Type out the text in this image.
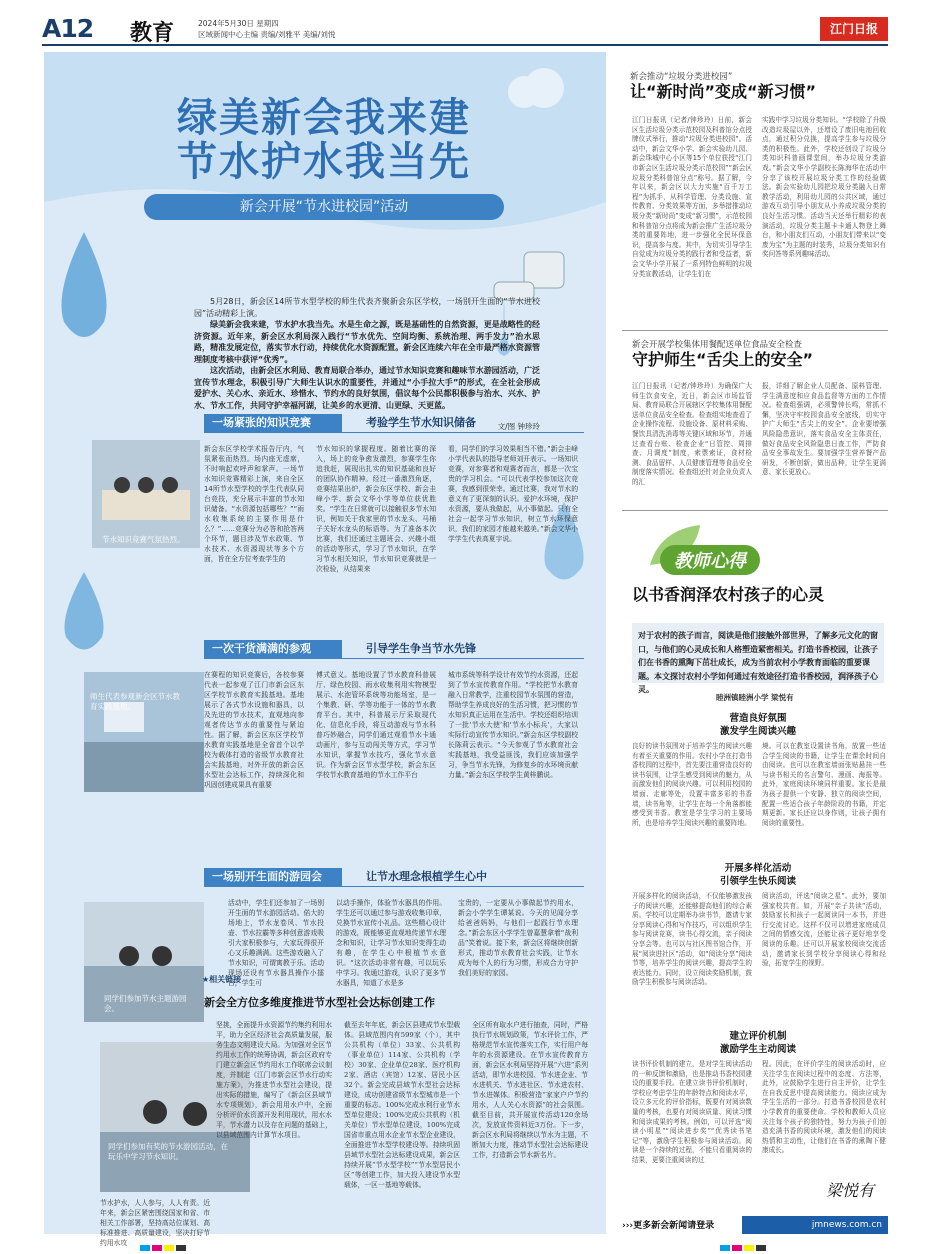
A12 教育	2024年5月30日 星期四
区域新闻中心主编 责编/刘雅平 美编/刘悦	江门日报
绿美新会我来建
节水护水我当先
新会开展“节水进校园”活动

5月28日，新会区14所节水型学校的师生代表齐聚新会东区学校，一场别开生面的“节水进校园”活动精彩上演。

绿美新会我来建，节水护水我当先。水是生命之源，既是基础性的自然资源，更是战略性的经济资源。近年来，新会区水利局深入践行“节水优先、空间均衡、系统治理、两手发力”治水思路，精准发展定位，落实节水行动，持续优化水资源配置。新会区连续六年在全市最严格水资源管理制度考核中获评“优秀”。

这次活动，由新会区水利局、教育局联合举办，通过节水知识竞赛和趣味节水游园活动，广泛宣传节水理念，积极引导广大师生认识水的重要性，并通过“小手拉大手”的形式，在全社会形成爱护水、关心水、亲近水、珍惜水、节约水的良好氛围，倡议每个公民都积极参与治水、兴水、护水、节水工作，共同守护幸福河湖，让美乡的水更清、山更绿、天更蓝。

文/图 钟珍玲

一场紧张的知识竞赛	考验学生节水知识储备
节水知识竞赛气氛热烈。
新会东区学校学术报告厅内，气氛紧张而热烈。场内座无虚席，不时响起欢呼声和掌声。一场节水知识竞赛精彩上演，来自全区14所节水型学校的学生代表队同台竞技，充分展示丰富的节水知识储备。“水资源包括哪些？”“雨水收集系统的主要作用是什么？”……竞赛分为必答和抢答两个环节，题目涉及节水政策、节水技术、水资源现状等多个方面，旨在全方位考查学生的
节水知识的掌握程度。随着比赛的深入，场上的竞争愈发激烈，参赛学生你追我赶，展现出扎实的知识基础和良好的团队协作精神。经过一番激烈角逐，竞赛结果出炉，新会东区学校、新会圭峰小学、新会文华小学等单位获优胜奖。“学生在日常就可以接触很多节水知识，例如关于我家里的节水龙头、马桶子关好水龙头的标语等。为了准备本次比赛，我们还通过主题班会、兴趣小组的活动等形式，学习了节水知识，在学习节水相关知识，节水知识竞赛就是一次检验，从结果来
看，同学们的学习效果相当不错。”新会圭峰小学代表队的指导老师刘开表示。一场知识竞赛，对参赛者和观赛者而言，都是一次宝贵的学习机会。“可以代表学校参加这次竞赛，我感到很荣幸。通过比赛，我对节水的意义有了更深刻的认识。爱护水环境，保护水资源，要从我做起，从小事做起。只有全社会一起学习节水知识，树立节水环保意识，我们的家园才能越来越美。”新会文华小学学生代表高夏宇说。
一次干货满满的参观	引导学生争当节水先锋
师生代表参观新会区节水教育实践基地。
在赛程的知识竞赛后，各校参赛代表一起参观了江门市新会区东区学校节水教育实践基地。基地展示了各式节水设施和器具，以及先进的节水技术，直观地向参观者传达节水的重要性与紧迫性。据了解，新会区东区学校节水教育实践基地是全省首个以学校为载体打造的省级节水教育社会实践基地，对外开放的新会区水型社会达标工作，持续深化和巩固创建成果具有重要
傅式意义。基地设置了节水教育科普展厅、绿色校园、雨水收集利用实物模型展示、水泡管环系统等功能场室，是一个集教、研、学等功能于一体的节水教育平台。其中，科普展示厅采取现代化、信息化手段，将互动游戏与节水科普巧妙融合，同学们通过观看节水卡通动画片，参与互动闯关等方式，学习节水知识，掌握节水技巧，强化节水意识。作为新会区节水型学校，新会东区学校节水教育基地的节水工作平台
城市系统等科学设计有效节约水资源，还起到了节水宣传教育作用。“学校把节水教育融入日常教学，注重校园节水氛围的营造，帮助学生养成良好的生活习惯，把习惯的节水知识真正运用在生活中。学校还组织培训了一批‘节水大使’和‘节水小标兵’，大家以实际行动宣传节水知识。”新会东区学校副校长陈莉云表示。“今天参观了节水教育社会实践基地，我受益匪浅，我们应该加强学习，争当节水先锋，为修复乡的水环境贡献力量。”新会东区学校学生黄梓鹏说。
一场别开生面的游园会	让节水理念根植学生心中
同学们参加节水主题游园会。
活动中，学生们还参加了一场别开生面的节水游园活动。偌大的场地上，节水龙卷风、节水投壶、节水拉霸等多种创意游戏吸引大家积极参与，大家玩得很开心又乐趣满满。这些游戏融入了节水知识，可谓寓教于乐。活动现场还设有节水器具操作小擂台，学生可
以动手操作，体验节水器具的作用。学生还可以通过参与游戏收集印章，兑换节水宣传小礼品。这些精心设计的游戏，既能够更直观地传递节水理念和知识，让学习节水知识变得生动有趣，在学生心中根植节水意识。“这次活动非常有趣，可以玩乐中学习。我通过游戏，认识了更多节水器具，知道了水是多
宝贵的，一定要从小事做起节约用水，新会小学学生谭某说。今天的见闻分享给爸爸妈妈，与他们一起践行节水理念。”新会东区小学学生曾嘉慧拿着“战利品”笑着说。接下来，新会区将继续创新形式，推动节水教育社会实践，让节水成为每个人的行为习惯，形成合力守护我们美好的家园。
★相关链接
新会全方位多维度推进节水型社会达标创建工作
同学们参加有奖的节水游园活动，在玩乐中学习节水知识。
坚挑，全面提升水资源节约集约利用水平，助力全区经济社会高质量发展，服务生态文明建设大局。为加强对全区节约用水工作的统筹协调，新会区政府专门建立新会区节约用水工作联席会议制度，并制定《江门市新会区节水行动实施方案》，为推进节水型社会建设，提出实际的措施，编写了《新会区县域节水专项规划》，新会用用水户中，全面分析评价水资源开发利用现状，用水水平，节水潜力以及存在问题的基础上，以县域范围内计算节水项目。
节水护水，人人参与，人人有责。近年来，新会区紧密围绕国家和省、市相关工作部署，坚持高站位谋划、高标准推进、高质量建设，坚决打好节约用水攻
截至去年年底，新会区县建成节水型载体。县域范围内有599家（个），其中公共机构（单位）33家、公共机构（事业单位）114家、公共机构（学校）30家、企业单位28家、医疗机构2家、酒店（宾馆）12家、居民小区32个。新会完成县域节水型社会达标建设，成功创建省级节水型城市是一个重要的标志。100%完成水利行业节水型单位建设；100%完成公共机构（机关单位）节水型单位建设，100%完成国省市重点用水企业节水型企业建设，全面推进节水型学校建设等。持续巩固县域节水型社会达标建设成果，新会区持续开展“节水型学校”“节水型居民小区”等创建工作，加大投入建设节水型载体，一区一基地等载体。
全区所有取水户进行抽查，同时，严格执行节水规划政策，节水评价工作，严格规范节水宣传落实工作，实行用户每年的水资源建设。在节水宣传教育方面，新会区水利局坚持开展“六进”系列活动，即节水进校园、节水进企业、节水进机关、节水进社区、节水进农村、节水进媒体。积极营造“家家户户节约用水，人人关心水资源”的社会氛围。截至目前，共开展宣传活动120余场次，发放宣传资料近3万份。下一步，新会区水利局将继续以节水为主题，不断加大力度，推动节水型社会达标建设工作，打造新会节水新名片。
新会推动“垃圾分类进校园”
让“新时尚”变成“新习惯”
江门日报讯（记者/钟珍玲）日前，新会区生活垃圾分类示范校园及科普馆分点授牌仪式举行，推动“垃圾分类进校园”。活动中，新会文华小学、新会实验幼儿园、新会珠城中心小区等15个单位获授“江门市新会区生活垃圾分类示范校园”“新会区垃圾分类科普馆分点”称号。据了解，今年以来，新会区以大力实施“百千万工程”为抓手，从科学管理、分类设施、宣传教育、分类效果等方面，多举措推动垃圾分类“新时尚”变成“新习惯”，示范校园和科普馆分点将成为新会推广生活垃圾分类的重要阵地，进一步强化全民环保意识，提高参与度。其中，为切实引导学生自觉成为垃圾分类的践行者和受益者，新会文华小学开展了一系列特色鲜明的垃圾分类宣教活动，让学生们在
实践中学习垃圾分类知识。“学校除了升级改造垃圾屋以外，还增设了废旧电池回收点，通过积分兑换，提高学生参与垃圾分类的积极性。此外，学校还创设了垃圾分类知识科普画课堂间，举办垃圾分类游戏。”新会文华小学副校长陈海华在活动中分享了该校开展垃圾分类工作的经验做法。新会实验幼儿园把垃圾分类融入日常教学活动，利用幼儿园的公共区域，通过游戏互动引导小朋友从小养成垃圾分类的良好生活习惯。活动当天还举行精彩的表演活动，垃圾分类主题卡卡通人物登上舞台，和小朋友们互动，小朋友们带来以“变废为宝”为主题的时装秀，垃圾分类知识有奖问答等系列趣味活动。
新会开展学校集体用餐配送单位食品安全检查
守护师生“舌尖上的安全”
江门日报讯（记者/钟珍玲）为确保广大师生饮食安全，近日，新会区市场监管局、教育局联合开展辖区学校集体用餐配送单位食品安全检查。检查组实地查看了企业操作流程、设施设备、原材料采购、餐饮具清洗消毒等关键区域和环节，并通过查看台账、检查企业“日管控、周排查、月调度”制度，索票索证，食材检测、食品留样、人员健康管理等食品安全制度落实情况。检查组还针对企业负责人的汇
报，详细了解企业人员配备、原料管理、学生满意度和应食品监督等方面的工作情况。检查组强调，必须警钟长鸣，常抓不懈，坚决守牢校园食品安全底线，切实守护广大师生“舌尖上的安全”。企业要增强风险隐患意识，落实食品安全主体责任，做好食品安全风险隐患日查工作，严防食品安全事故发生。要加强学生营养餐产品研发，不断创新，做出品种，让学生更满意、家长更放心。
教师心得
以书香润泽农村孩子的心灵
对于农村的孩子而言，阅读是他们接触外部世界，了解多元文化的窗口，与他们的心灵成长和人格塑造紧密相关。打造书香校园，让孩子们在书香的熏陶下茁壮成长，成为当前农村小学教育面临的重要课题。本文探讨农村小学如何通过有效途径打造书香校园，润泽孩子心灵。
睦洲镇睦洲小学 梁悦有
营造良好氛围
激发学生阅读兴趣
良好的读书氛围对于培养学生的阅读兴趣有着至关重要的作用。农村小学在打造书香校园的过程中，首先要注重营造良好的读书氛围，让学生感受到阅读的魅力，从而激发他们的阅读兴趣。可以利用校园的墙面、走廊等处，设置丰富多彩的书香墙，读书角等，让学生在每一个角落都能感受到书香。教室是学生学习的主要场所，也是培养学生阅读兴趣的重要阵地。
境。可以在教室设置读书角，放置一些适合学生阅读的书籍，让学生在课余时间自由阅读。也可以在教室墙面张贴悬挂一些与读书相关的名言警句、漫画、海报等。此外，家庭阅读环境同样重要。家长是最为孩子提供一个安静、独立的阅读空间，配置一些适合孩子年龄阶段的书籍，并定期更新。家长还应以身作则，让孩子拥有阅读的重要性。
开展多样化活动
引领学生快乐阅读
开展多样化的阅读活动，不仅能够激发孩子的阅读兴趣，还能够提高他们的综合素质。学校可以定期举办读书节，邀请专家分享阅读心得和写作技巧，可以组织学生参与阅读竞赛，读书心得交流，亲子阅读分享会等。也可以与社区图书馆合作，开展“阅读进社区”活动，如“阅读分享”阅读节等，培养学生的阅读兴趣，提高学生的表达能力。同时，设立阅读奖励机制，鼓励学生积极参与阅读活动。
阅读活动，评选“阅读之星”。此外，要加强家校共育。如，开展“亲子共读”活动，鼓励家长和孩子一起阅读同一本书，并进行交流讨论。这样不仅可以增进家庭成员之间的情感交流，还能让孩子更好地享受阅读的乐趣。还可以开展家校阅读交流活动，邀请家长到学校分享阅读心得和经验，拓宽学生的视野。
建立评价机制
激励学生主动阅读
读书评价机制的建立，是对学生阅读活动的一种反馈和激励，也是推动书香校园建设的重要手段。在建立读书评价机制时，学校应考虑学生的年龄特点和阅读水平，设立多元化的评价指标，既要有对阅读数量的考核，也要有对阅读质量、阅读习惯和阅读成果的考核。例如，可以评选“阅读小明星”“阅读进步奖”“优秀读书笔记”等，激励学生积极参与阅读活动。阅读是一个持续的过程，不能只看重阅读的结果，更要注重阅读的过
程。因此，在评价学生的阅读活动时，应关注学生在阅读过程中的态度、方法等，此外，应鼓励学生进行自主评价，让学生在自我反思中提高阅读能力。阅读应成为学生生活的一部分。打造书香校园是农村小学教育的重要使命。学校和教师人员应关注每个孩子的独特性，努力为孩子们创造充满书香的阅读环境，激发他们的阅读热情和主动性，让他们在书香的熏陶下健康成长。
梁悦有
›››更多新会新闻请登录	jmnews.com.cn
